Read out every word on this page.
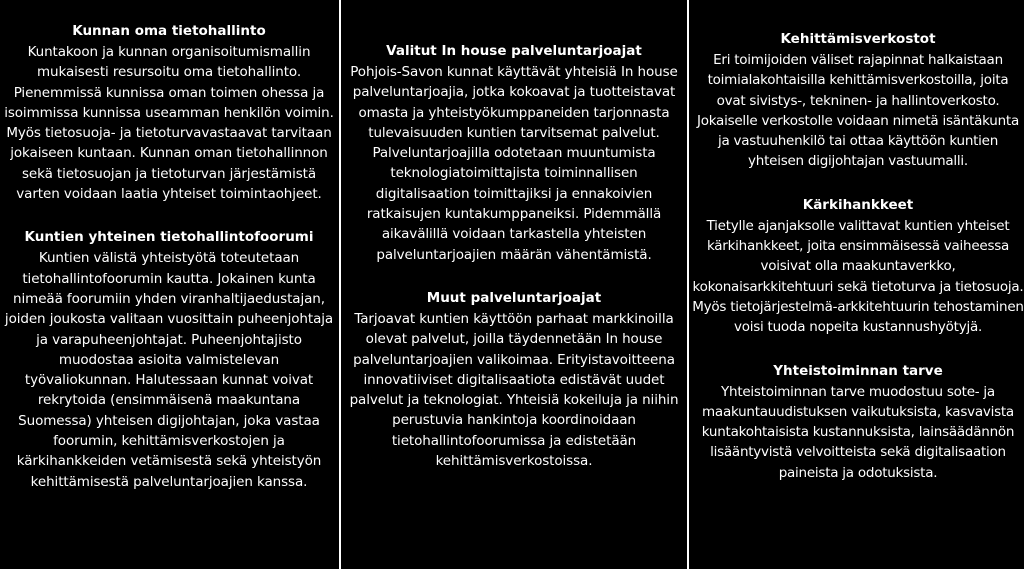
Kunnan oma tietohallinto

Kuntakoon ja kunnan organisoitumismallin mukaisesti resursoitu oma tietohallinto. Pienemmissä kunnissa oman toimen ohessa ja isoimmissa kunnissa useamman henkilön voimin. Myös tietosuoja- ja tietoturvavastaavat tarvitaan jokaiseen kuntaan. Kunnan oman tietohallinnon sekä tietosuojan ja tietoturvan järjestämistä varten voidaan laatia yhteiset toimintaohjeet.

Kuntien yhteinen tietohallintofoorumi

Kuntien välistä yhteistyötä toteutetaan tietohallintofoorumin kautta. Jokainen kunta nimeää foorumiin yhden viranhaltijaedustajan, joiden joukosta valitaan vuosittain puheenjohtaja ja varapuheenjohtajat. Puheenjohtajisto muodostaa asioita valmistelevan työvaliokunnan. Halutessaan kunnat voivat rekrytoida (ensimmäisenä maakuntana Suomessa) yhteisen digijohtajan, joka vastaa foorumin, kehittämisverkostojen ja kärkihankkeiden vetämisestä sekä yhteistyön kehittämisestä palveluntarjoajien kanssa.

Valitut In house palveluntarjoajat

Pohjois-Savon kunnat käyttävät yhteisiä In house palveluntarjoajia, jotka kokoavat ja tuotteistavat omasta ja yhteistyökumppaneiden tarjonnasta tulevaisuuden kuntien tarvitsemat palvelut. Palveluntarjoajilla odotetaan muuntumista teknologiatoimittajista toiminnallisen digitalisaation toimittajiksi ja ennakoivien ratkaisujen kuntakumppaneiksi. Pidemmällä aikavälillä voidaan tarkastella yhteisten palveluntarjoajien määrän vähentämistä.

Muut palveluntarjoajat

Tarjoavat kuntien käyttöön parhaat markkinoilla olevat palvelut, joilla täydennetään In house palveluntarjoajien valikoimaa. Erityistavoitteena innovatiiviset digitalisaatiota edistävät uudet palvelut ja teknologiat. Yhteisiä kokeiluja ja niihin perustuvia hankintoja koordinoidaan tietohallintofoorumissa ja edistetään kehittämisverkostoissa.

Kehittämisverkostot

Eri toimijoiden väliset rajapinnat halkaistaan toimialakohtaisilla kehittämisverkostoilla, joita ovat sivistys-, tekninen- ja hallintoverkosto. Jokaiselle verkostolle voidaan nimetä isäntäkunta ja vastuuhenkilö tai ottaa käyttöön kuntien yhteisen digijohtajan vastuumalli.

Kärkihankkeet

Tietylle ajanjaksolle valittavat kuntien yhteiset kärkihankkeet, joita ensimmäisessä vaiheessa voisivat olla maakuntaverkko, kokonaisarkkitehtuuri sekä tietoturva ja tietosuoja. Myös tietojärjestelmä-arkkitehtuurin tehostaminen voisi tuoda nopeita kustannushyötyjä.

Yhteistoiminnan tarve

Yhteistoiminnan tarve muodostuu sote- ja maakuntauudistuksen vaikutuksista, kasvavista kuntakohtaisista kustannuksista, lainsäädännön lisääntyvistä velvoitteista sekä digitalisaation paineista ja odotuksista.
